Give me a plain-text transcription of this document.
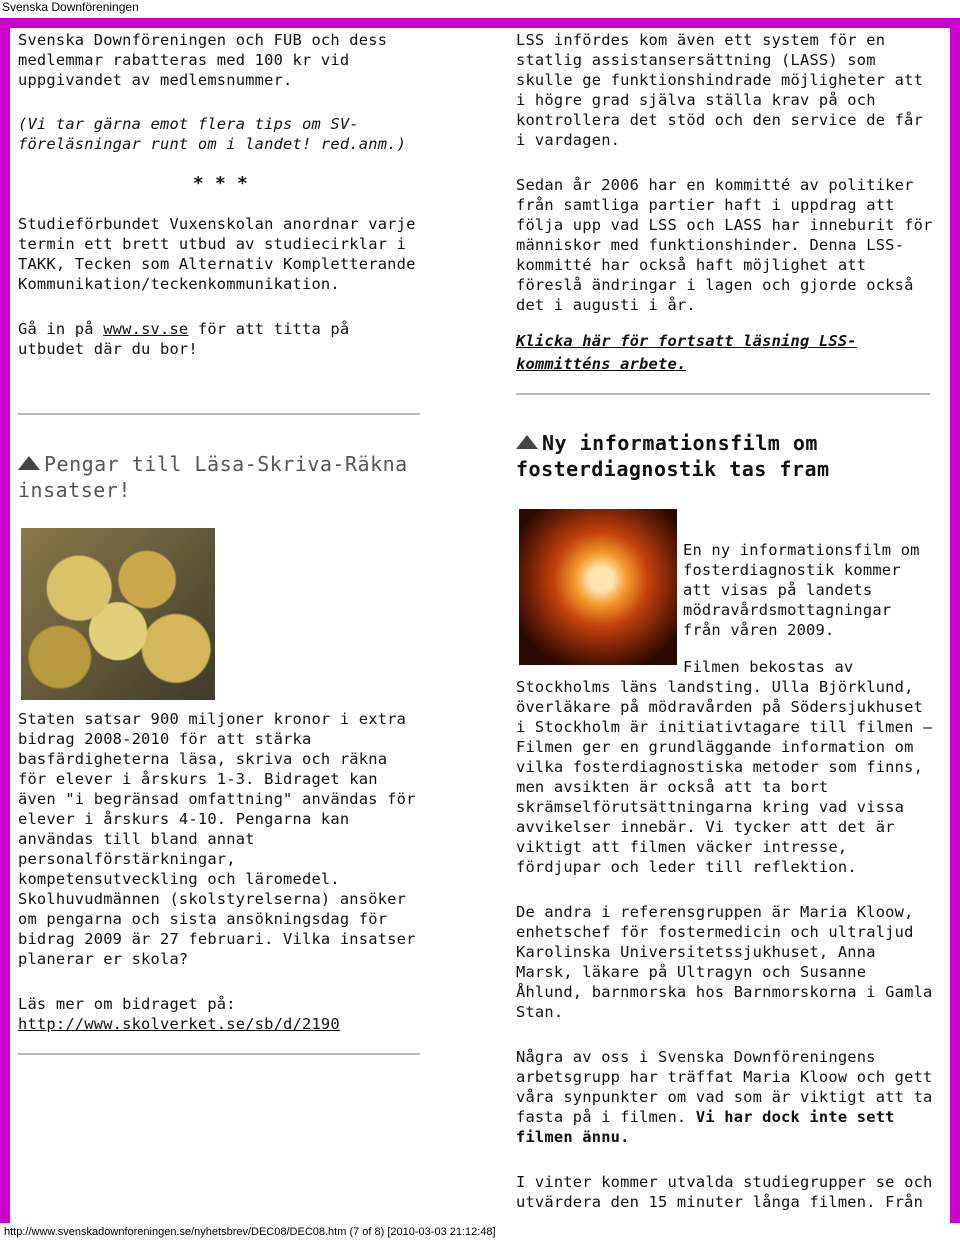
Svenska Downföreningen

Svenska Downföreningen och FUB och dess medlemmar rabatteras med 100 kr vid uppgivandet av medlemsnummer.

(Vi tar gärna emot flera tips om SV-föreläsningar runt om i landet! red.anm.)

* * *

Studieförbundet Vuxenskolan anordnar varje termin ett brett utbud av studiecirklar i TAKK, Tecken som Alternativ Kompletterande Kommunikation/teckenkommunikation.

Gå in på www.sv.se för att titta på utbudet där du bor!

Pengar till Läsa-Skriva-Räkna insatser!

Staten satsar 900 miljoner kronor i extra bidrag 2008-2010 för att stärka basfärdigheterna läsa, skriva och räkna för elever i årskurs 1-3. Bidraget kan även "i begränsad omfattning" användas för elever i årskurs 4-10. Pengarna kan användas till bland annat personalförstärkningar, kompetensutveckling och läromedel. Skolhuvudmännen (skolstyrelserna) ansöker om pengarna och sista ansökningsdag för bidrag 2009 är 27 februari. Vilka insatser planerar er skola?

Läs mer om bidraget på: http://www.skolverket.se/sb/d/2190

LSS infördes kom även ett system för en statlig assistansersättning (LASS) som skulle ge funktionshindrade möjligheter att i högre grad själva ställa krav på och kontrollera det stöd och den service de får i vardagen.

Sedan år 2006 har en kommitté av politiker från samtliga partier haft i uppdrag att följa upp vad LSS och LASS har inneburit för människor med funktionshinder. Denna LSS-kommitté har också haft möjlighet att föreslå ändringar i lagen och gjorde också det i augusti i år.

Klicka här för fortsatt läsning LSS-kommitténs arbete.

Ny informationsfilm om fosterdiagnostik tas fram

En ny informationsfilm om fosterdiagnostik kommer att visas på landets mödravårdsmottagningar från våren 2009.

Filmen bekostas av Stockholms läns landsting. Ulla Björklund, överläkare på mödravården på Södersjukhuset i Stockholm är initiativtagare till filmen – Filmen ger en grundläggande information om vilka fosterdiagnostiska metoder som finns, men avsikten är också att ta bort skrämselförutsättningarna kring vad vissa avvikelser innebär. Vi tycker att det är viktigt att filmen väcker intresse, fördjupar och leder till reflektion.

De andra i referensgruppen är Maria Kloow, enhetschef för fostermedicin och ultraljud Karolinska Universitetssjukhuset, Anna Marsk, läkare på Ultragyn och Susanne Åhlund, barnmorska hos Barnmorskorna i Gamla Stan.

Några av oss i Svenska Downföreningens arbetsgrupp har träffat Maria Kloow och gett våra synpunkter om vad som är viktigt att ta fasta på i filmen. Vi har dock inte sett filmen ännu.

I vinter kommer utvalda studiegrupper se och utvärdera den 15 minuter långa filmen. Från

http://www.svenskadownforeningen.se/nyhetsbrev/DEC08/DEC08.htm (7 of 8) [2010-03-03 21:12:48]
